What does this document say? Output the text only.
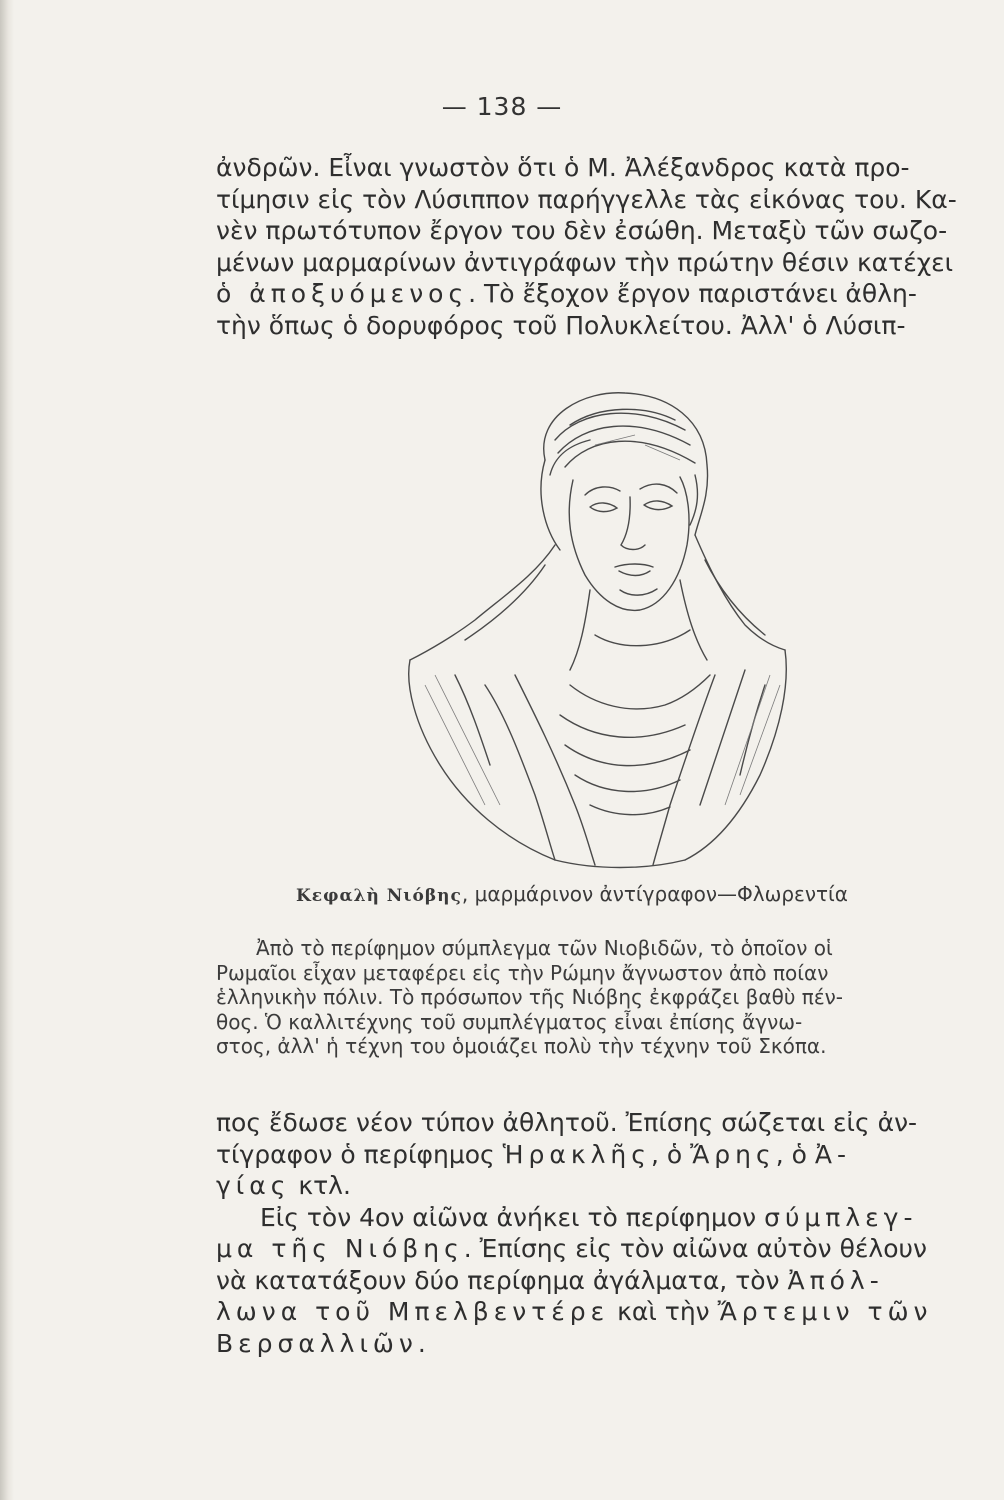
— 138 —
ἀνδρῶν. Εἶναι γνωστὸν ὅτι ὁ Μ. Ἀλέξανδρος κατὰ προ-
τίμησιν εἰς τὸν Λύσιππον παρήγγελλε τὰς εἰκόνας του. Κα-
νὲν πρωτότυπον ἔργον του δὲν ἐσώθη. Μεταξὺ τῶν σωζο-
μένων μαρμαρίνων ἀντιγράφων τὴν πρώτην θέσιν κατέχει
ὁ ἀποξυόμενος. Τὸ ἔξοχον ἔργον παριστάνει ἀθλη-
τὴν ὅπως ὁ δορυφόρος τοῦ Πολυκλείτου. Ἀλλ' ὁ Λύσιπ-
Κεφαλὴ Νιόβης, μαρμάρινον ἀντίγραφον—Φλωρεντία
Ἀπὸ τὸ περίφημον σύμπλεγμα τῶν Νιοβιδῶν, τὸ ὁποῖον οἱ
Ρωμαῖοι εἶχαν μεταφέρει εἰς τὴν Ρώμην ἄγνωστον ἀπὸ ποίαν
ἑλληνικὴν πόλιν. Τὸ πρόσωπον τῆς Νιόβης ἐκφράζει βαθὺ πέν-
θος. Ὁ καλλιτέχνης τοῦ συμπλέγματος εἶναι ἐπίσης ἄγνω-
στος, ἀλλ' ἡ τέχνη του ὁμοιάζει πολὺ τὴν τέχνην τοῦ Σκόπα.
πος ἔδωσε νέον τύπον ἀθλητοῦ. Ἐπίσης σώζεται εἰς ἀν-
τίγραφον ὁ περίφημος Ἡρακλῆς, ὁ Ἄρης, ὁ Ἀ-
γίας κτλ.
Εἰς τὸν 4ον αἰῶνα ἀνήκει τὸ περίφημον σύμπλεγ-
μα τῆς Νιόβης. Ἐπίσης εἰς τὸν αἰῶνα αὐτὸν θέλουν
νὰ κατατάξουν δύο περίφημα ἀγάλματα, τὸν Ἀπόλ-
λωνα τοῦ Μπελβεντέρε καὶ τὴν Ἄρτεμιν τῶν
Βερσαλλιῶν.
